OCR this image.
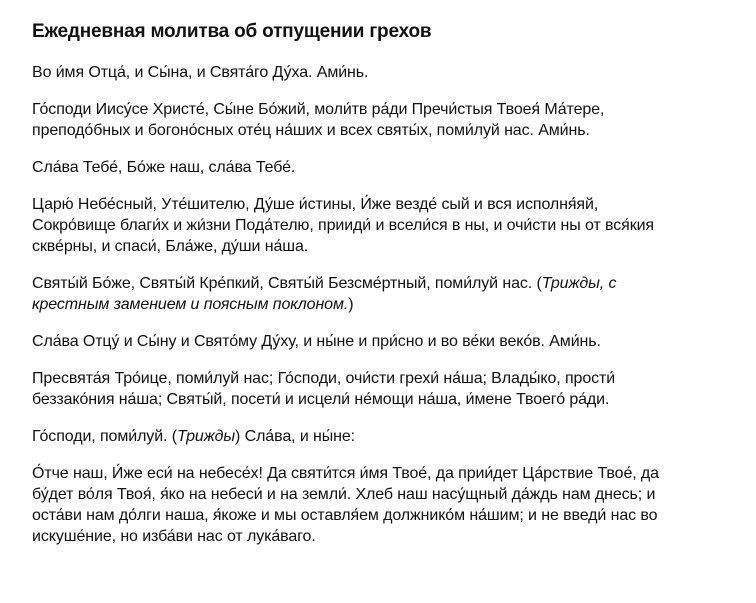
Ежедневная молитва об отпущении грехов
Во и́мя Отца́, и Сы́на, и Свята́го Ду́ха. Ами́нь.
Го́споди Иису́се Христе́, Сы́не Бо́жий, моли́тв ра́ди Пречи́стыя Твоея́ Ма́тере,
преподо́бных и богоно́сных оте́ц на́ших и всех святы́х, поми́луй нас. Ами́нь.
Сла́ва Тебе́, Бо́же наш, сла́ва Тебе́.
Царю́ Небе́сный, Уте́шителю, Ду́ше и́стины, И́же везде́ сый и вся исполня́яй,
Сокро́вище благи́х и жи́зни Пода́телю, прииди́ и всели́ся в ны, и очи́сти ны от вся́кия
скве́рны, и спаси́, Бла́же, ду́ши на́ша.
Святы́й Бо́же, Святы́й Кре́пкий, Святы́й Безсме́ртный, поми́луй нас. (Трижды, с
крестным замением и поясным поклоном.)
Сла́ва Отцу́ и Сы́ну и Свято́му Ду́ху, и ны́не и при́сно и во ве́ки веко́в. Ами́нь.
Пресвята́я Тро́ице, поми́луй нас; Го́споди, очи́сти грехи́ на́ша; Влады́ко, прости́
беззако́ния на́ша; Святы́й, посети́ и исцели́ не́мощи на́ша, и́мене Твоего́ ра́ди.
Го́споди, поми́луй. (Трижды) Сла́ва, и ны́не:
О́тче наш, И́же еси́ на небесе́х! Да святи́тся и́мя Твое́, да прии́дет Ца́рствие Твое́, да
бу́дет во́ля Твоя́, я́ко на небеси́ и на земли́. Хлеб наш насу́щный да́ждь нам днесь; и
оста́ви нам до́лги наша, я́коже и мы оставля́ем должнико́м на́шим; и не введи́ нас во
искуше́ние, но изба́ви нас от лука́ваго.
